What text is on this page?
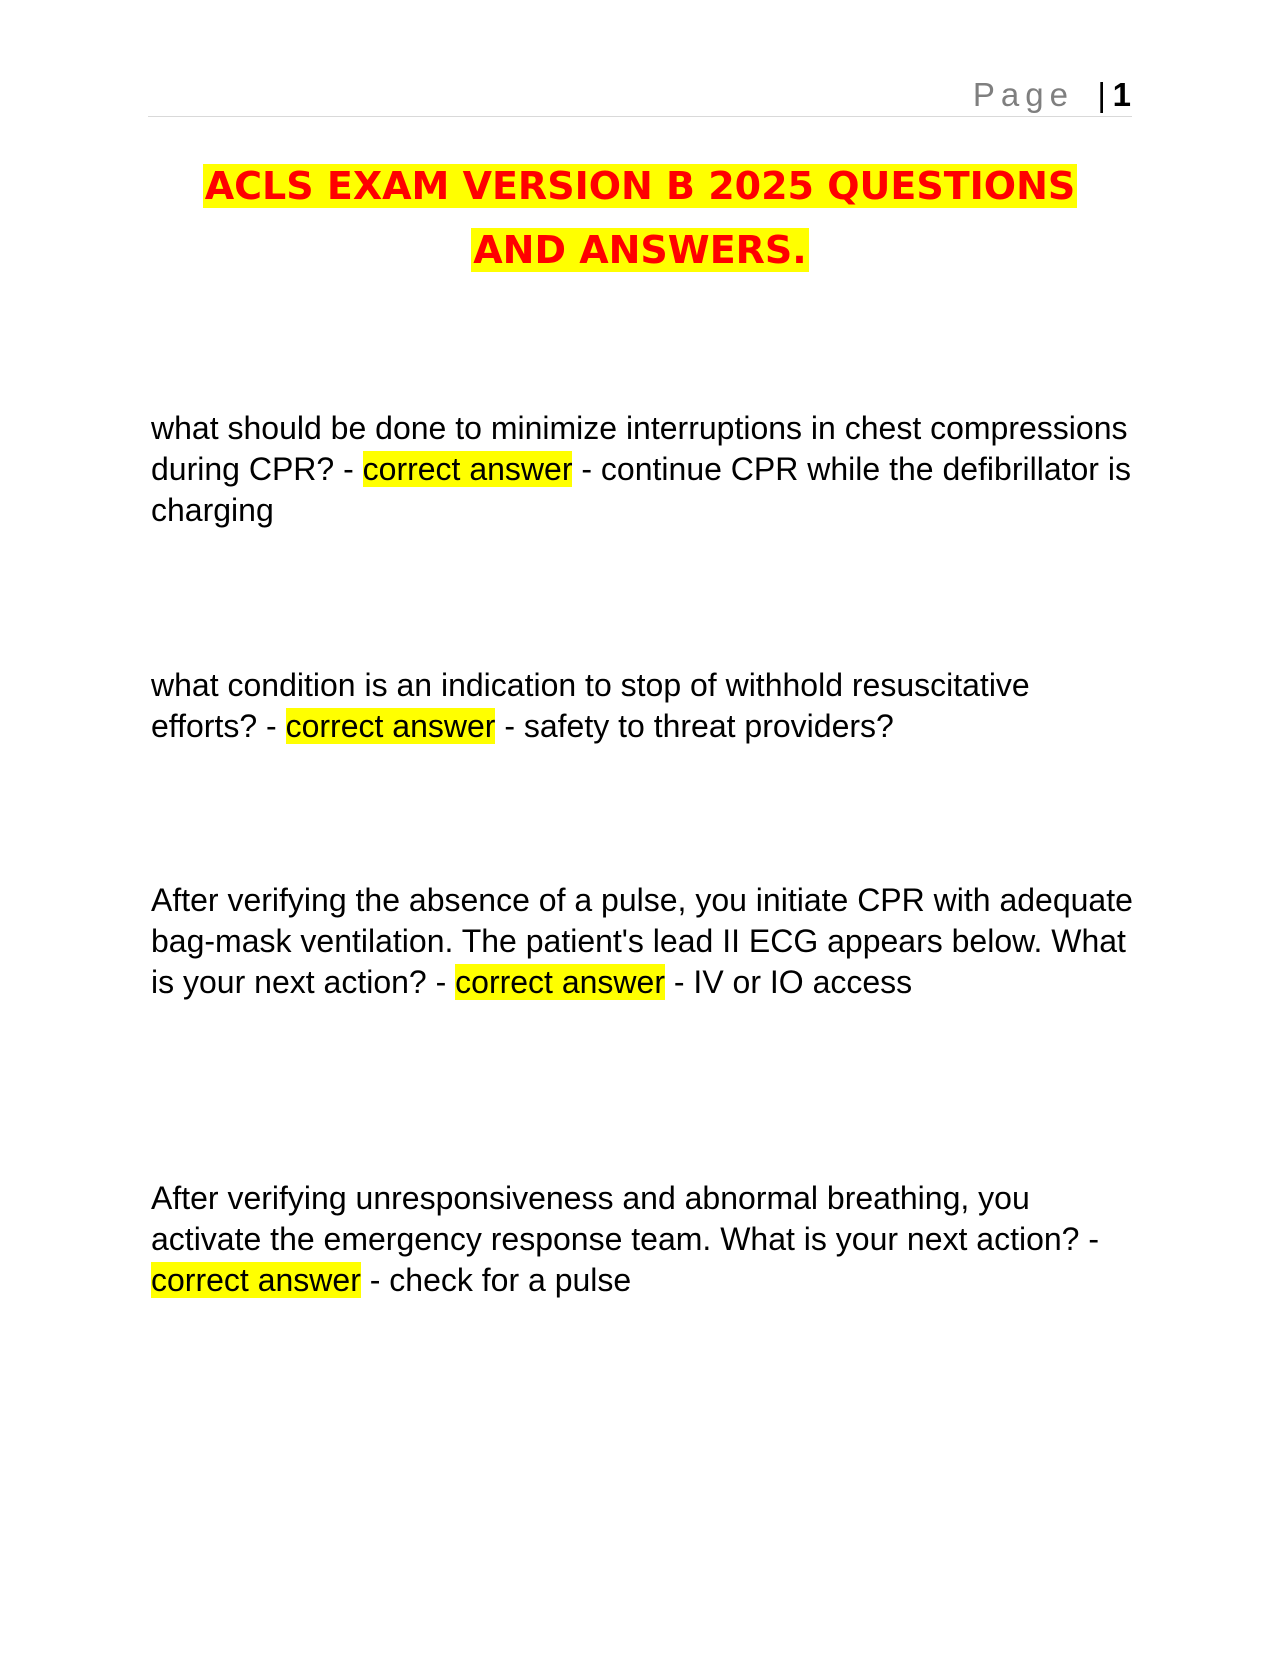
Page | 1
ACLS EXAM VERSION B 2025 QUESTIONS
AND ANSWERS.

what should be done to minimize interruptions in chest compressions during CPR? - correct answer - continue CPR while the defibrillator is charging

what condition is an indication to stop of withhold resuscitative efforts? - correct answer - safety to threat providers?

After verifying the absence of a pulse, you initiate CPR with adequate bag-mask ventilation. The patient's lead II ECG appears below. What is your next action? - correct answer - IV or IO access

After verifying unresponsiveness and abnormal breathing, you activate the emergency response team. What is your next action? - correct answer - check for a pulse
